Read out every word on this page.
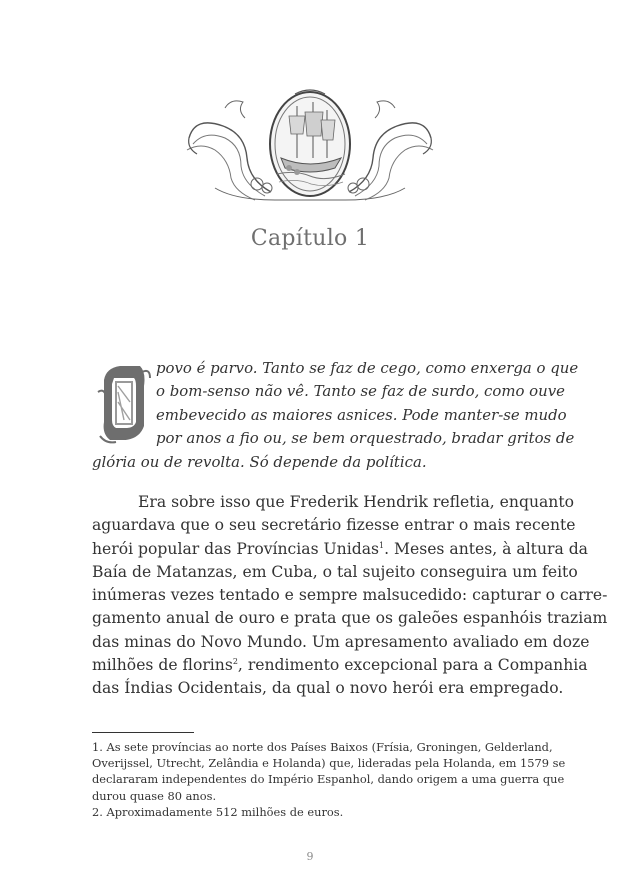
Capítulo 1
O	povo é parvo. Tanto se faz de cego, como enxerga o que
o bom-senso não vê. Tanto se faz de surdo, como ouve
embevecido as maiores asnices. Pode manter-se mudo
por anos a fio ou, se bem orquestrado, bradar gritos de
glória ou de revolta. Só depende da política.
Era sobre isso que Frederik Hendrik refletia, enquanto
aguardava que o seu secretário fizesse entrar o mais recente
herói popular das Províncias Unidas$^1$. Meses antes, à altura da
Baía de Matanzas, em Cuba, o tal sujeito conseguira um feito
inúmeras vezes tentado e sempre malsucedido: capturar o carre-
gamento anual de ouro e prata que os galeões espanhóis traziam
das minas do Novo Mundo. Um apresamento avaliado em doze
milhões de florins$^2$, rendimento excepcional para a Companhia
das Índias Ocidentais, da qual o novo herói era empregado.
1. As sete províncias ao norte dos Países Baixos (Frísia, Groningen, Gelderland,
Overijssel, Utrecht, Zelândia e Holanda) que, lideradas pela Holanda, em 1579 se
declararam independentes do Império Espanhol, dando origem a uma guerra que
durou quase 80 anos.
2. Aproximadamente 512 milhões de euros.
9
